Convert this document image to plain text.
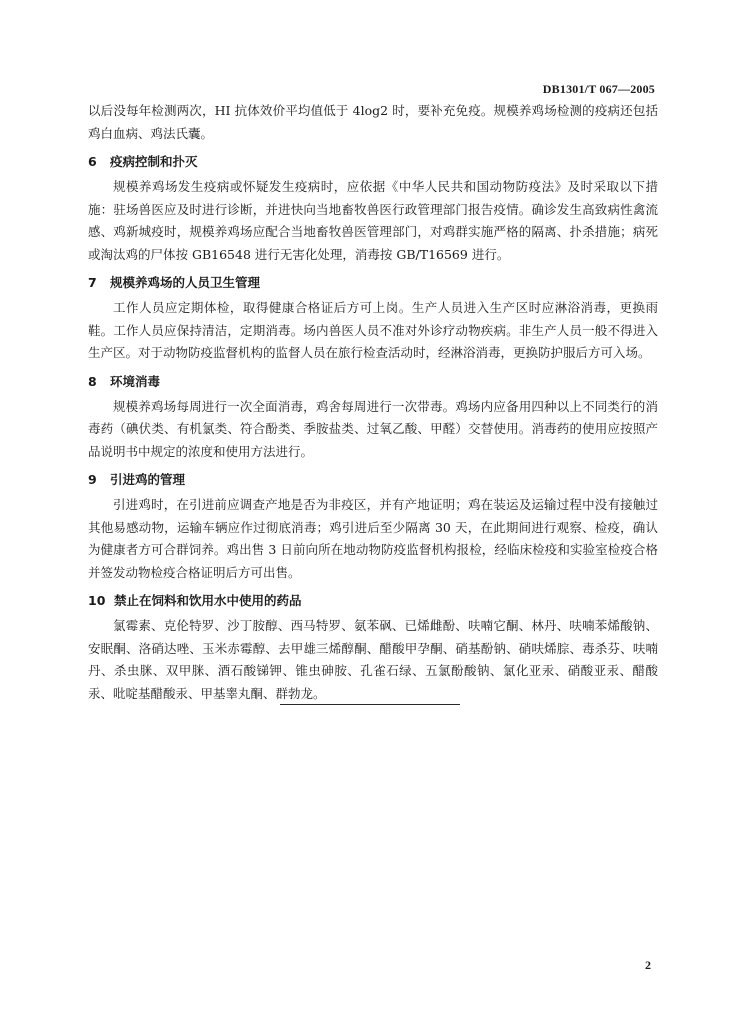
DB1301/T 067—2005

以后没每年检测两次，HI 抗体效价平均值低于 4log2 时，要补充免疫。规模养鸡场检测的疫病还包括鸡白血病、鸡法氏囊。

6 疫病控制和扑灭

规模养鸡场发生疫病或怀疑发生疫病时，应依据《中华人民共和国动物防疫法》及时采取以下措施：驻场兽医应及时进行诊断，并进快向当地畜牧兽医行政管理部门报告疫情。确诊发生高致病性禽流感、鸡新城疫时，规模养鸡场应配合当地畜牧兽医管理部门，对鸡群实施严格的隔离、扑杀措施；病死或淘汰鸡的尸体按 GB16548 进行无害化处理，消毒按 GB/T16569 进行。

7 规模养鸡场的人员卫生管理

工作人员应定期体检，取得健康合格证后方可上岗。生产人员进入生产区时应淋浴消毒，更换雨鞋。工作人员应保持清洁，定期消毒。场内兽医人员不准对外诊疗动物疾病。非生产人员一般不得进入生产区。对于动物防疫监督机构的监督人员在旅行检查活动时，经淋浴消毒，更换防护服后方可入场。

8 环境消毒

规模养鸡场每周进行一次全面消毒，鸡舍每周进行一次带毒。鸡场内应备用四种以上不同类行的消毒药（碘伏类、有机氯类、符合酚类、季胺盐类、过氧乙酸、甲醛）交替使用。消毒药的使用应按照产品说明书中规定的浓度和使用方法进行。

9 引进鸡的管理

引进鸡时，在引进前应调查产地是否为非疫区，并有产地证明；鸡在装运及运输过程中没有接触过其他易感动物，运输车辆应作过彻底消毒；鸡引进后至少隔离 30 天，在此期间进行观察、检疫，确认为健康者方可合群饲养。鸡出售 3 日前向所在地动物防疫监督机构报检，经临床检疫和实验室检疫合格并签发动物检疫合格证明后方可出售。

10 禁止在饲料和饮用水中使用的药品

氯霉素、克伦特罗、沙丁胺醇、西马特罗、氨苯砜、已烯雌酚、呋喃它酮、林丹、呋喃苯烯酸钠、安眠酮、洛硝达唑、玉米赤霉醇、去甲雄三烯醇酮、醋酸甲孕酮、硝基酚钠、硝呋烯腙、毒杀芬、呋喃丹、杀虫脒、双甲脒、酒石酸锑钾、锥虫砷胺、孔雀石绿、五氯酚酸钠、氯化亚汞、硝酸亚汞、醋酸汞、吡啶基醋酸汞、甲基睾丸酮、群勃龙。

2
